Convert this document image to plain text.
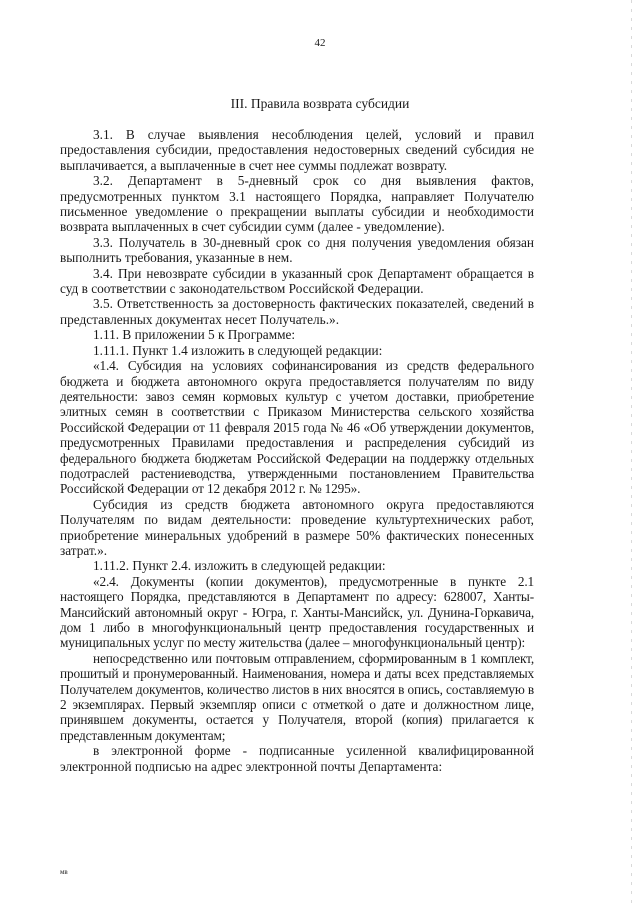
42
III. Правила возврата субсидии

3.1. В случае выявления несоблюдения целей, условий и правил предоставления субсидии, предоставления недостоверных сведений субсидия не выплачивается, а выплаченные в счет нее суммы подлежат возврату.

3.2. Департамент в 5-дневный срок со дня выявления фактов, предусмотренных пунктом 3.1 настоящего Порядка, направляет Получателю письменное уведомление о прекращении выплаты субсидии и необходимости возврата выплаченных в счет субсидии сумм (далее - уведомление).

3.3. Получатель в 30-дневный срок со дня получения уведомления обязан выполнить требования, указанные в нем.

3.4. При невозврате субсидии в указанный срок Департамент обращается в суд в соответствии с законодательством Российской Федерации.

3.5. Ответственность за достоверность фактических показателей, сведений в представленных документах несет Получатель.».

1.11. В приложении 5 к Программе:

1.11.1. Пункт 1.4 изложить в следующей редакции:

«1.4. Субсидия на условиях софинансирования из средств федерального бюджета и бюджета автономного округа предоставляется получателям по виду деятельности: завоз семян кормовых культур с учетом доставки, приобретение элитных семян в соответствии с Приказом Министерства сельского хозяйства Российской Федерации от 11 февраля 2015 года № 46 «Об утверждении документов, предусмотренных Правилами предоставления и распределения субсидий из федерального бюджета бюджетам Российской Федерации на поддержку отдельных подотраслей растениеводства, утвержденными постановлением Правительства Российской Федерации от 12 декабря 2012 г. № 1295».

Субсидия из средств бюджета автономного округа предоставляются Получателям по видам деятельности: проведение культуртехнических работ, приобретение минеральных удобрений в размере 50% фактических понесенных затрат.».

1.11.2. Пункт 2.4. изложить в следующей редакции:

«2.4. Документы (копии документов), предусмотренные в пункте 2.1 настоящего Порядка, представляются в Департамент по адресу: 628007, Ханты-Мансийский автономный округ - Югра, г. Ханты-Мансийск, ул. Дунина-Горкавича, дом 1 либо в многофункциональный центр предоставления государственных и муниципальных услуг по месту жительства (далее – многофункциональный центр):

непосредственно или почтовым отправлением, сформированным в 1 комплект, прошитый и пронумерованный. Наименования, номера и даты всех представляемых Получателем документов, количество листов в них вносятся в опись, составляемую в 2 экземплярах. Первый экземпляр описи с отметкой о дате и должностном лице, принявшем документы, остается у Получателя, второй (копия) прилагается к представленным документам;

в электронной форме - подписанные усиленной квалифицированной электронной подписью на адрес электронной почты Департамента:

мв
